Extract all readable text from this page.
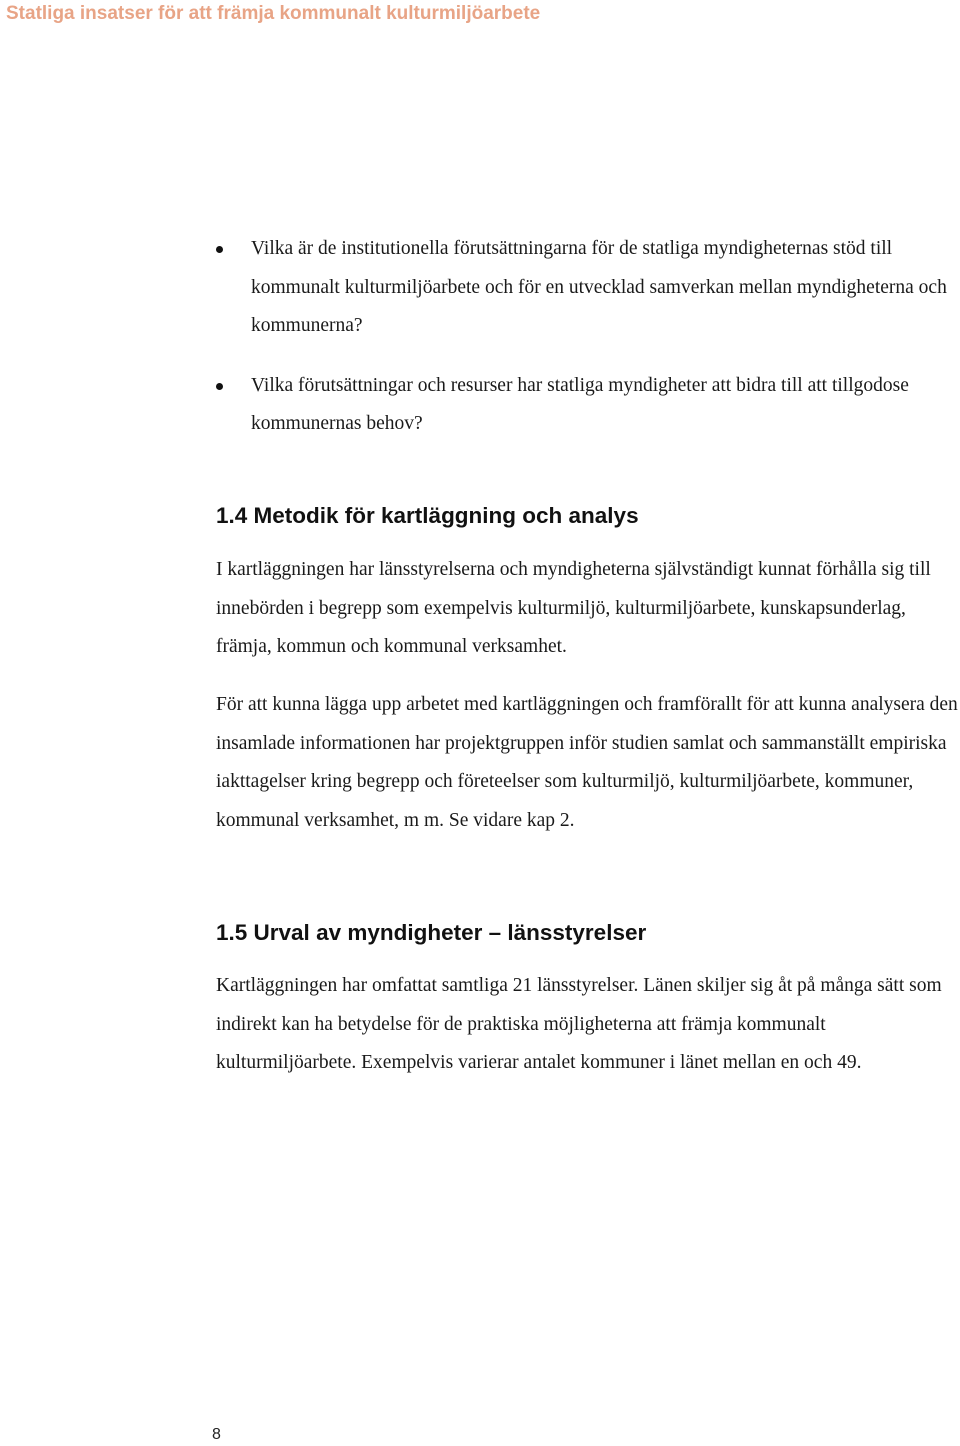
Statliga insatser för att främja kommunalt kulturmiljöarbete
Vilka är de institutionella förutsättningarna för de statliga myndigheternas stöd till kommunalt kulturmiljöarbete och för en utvecklad samverkan mellan myndigheterna och kommunerna?
Vilka förutsättningar och resurser har statliga myndigheter att bidra till att tillgodose kommunernas behov?
1.4 Metodik för kartläggning och analys

I kartläggningen har länsstyrelserna och myndigheterna självständigt kunnat förhålla sig till innebörden i begrepp som exempelvis kulturmiljö, kulturmiljöarbete, kunskapsunderlag, främja, kommun och kommunal verksamhet.

För att kunna lägga upp arbetet med kartläggningen och framförallt för att kunna analysera den insamlade informationen har projektgruppen inför studien samlat och sammanställt empiriska iakttagelser kring begrepp och företeelser som kulturmiljö, kulturmiljöarbete, kommuner, kommunal verksamhet, m m. Se vidare kap 2.

1.5 Urval av myndigheter – länsstyrelser

Kartläggningen har omfattat samtliga 21 länsstyrelser. Länen skiljer sig åt på många sätt som indirekt kan ha betydelse för de praktiska möjligheterna att främja kommunalt kulturmiljöarbete. Exempelvis varierar antalet kommuner i länet mellan en och 49.

8
